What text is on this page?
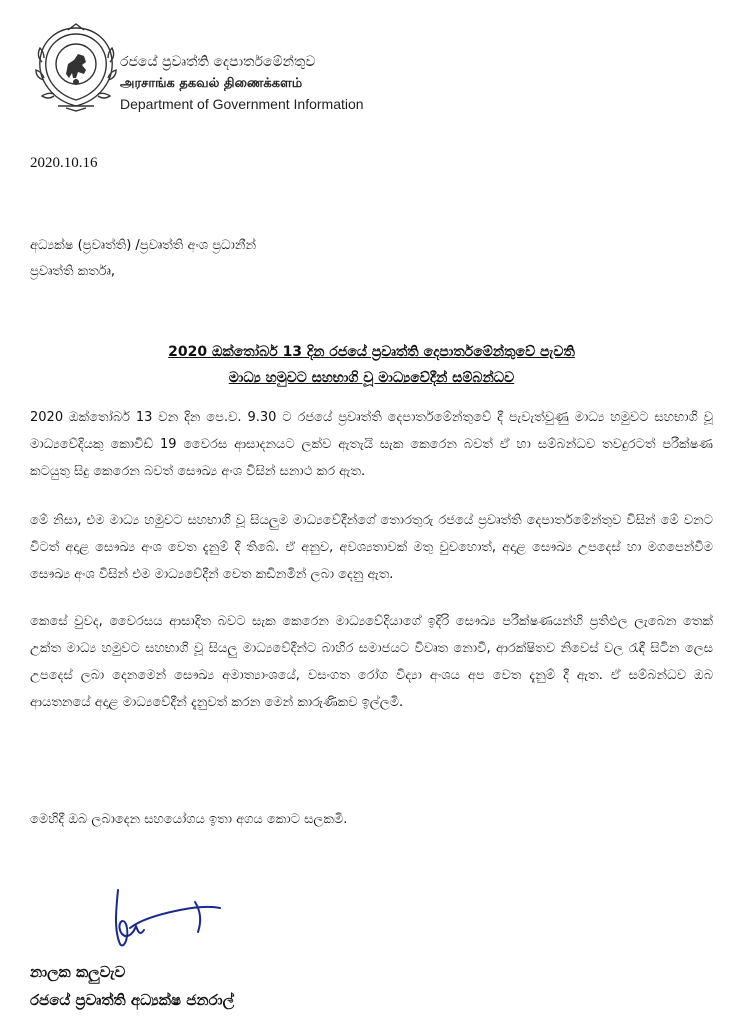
රජයේ ප්‍රවෘත්ති දෙපාර්තමේන්තුව
அரசாங்க தகவல் திணைக்களம்
Department of Government Information
2020.10.16
අධ්‍යක්ෂ (ප්‍රවෘත්ති) /ප්‍රවෘත්ති අංශ ප්‍රධානීන්
ප්‍රවෘත්ති කර්තෘ,
2020 ඔක්තෝබර් 13 දින රජයේ ප්‍රවෘත්ති දෙපාර්තමේන්තුවේ පැවති
මාධ්‍ය හමුවට සහභාගි වූ මාධ්‍යවේදීන් සම්බන්ධව

2020 ඔක්තෝබර් 13 වන දින පෙ.ව. 9.30 ට රජයේ ප්‍රවෘත්ති දෙපාර්තමේන්තුවේ දී පැවැත්වුණු මාධ්‍ය හමුවට සහභාගි වූ මාධ්‍යවේදියකු කොවිඩ් 19 වෛරස ආසාදනයට ලක්ව ඇතැයි සැක කෙරෙන බවත් ඒ හා සම්බන්ධව තවදුරටත් පරීක්ෂණ කටයුතු සිදු කෙරෙන බවත් සෞඛ්‍ය අංශ විසින් සනාථ කර ඇත.

මේ නිසා, එම මාධ්‍ය හමුවට සහභාගි වූ සියලුම මාධ්‍යවේදීන්ගේ තොරතුරු රජයේ ප්‍රවෘත්ති දෙපාර්තමේන්තුව විසින් මේ වනට විටත් අදාළ සෞඛ්‍ය අංශ වෙත දැනුම් දී තිබේ. ඒ අනුව, අවශ්‍යතාවක් මතු වුවහොත්, අදාළ සෞඛ්‍ය උපදෙස් හා මගපෙන්වීම සෞඛ්‍ය අංශ විසින් එම මාධ්‍යවේදීන් වෙත කඩිනමින් ලබා දෙනු ඇත.

කෙසේ වුවද, වෛරසය ආසාදිත බවට සැක කෙරෙන මාධ්‍යවේදියාගේ ඉදිරි සෞඛ්‍ය පරීක්ෂණයන්හි ප්‍රතිඵල ලැබෙන තෙක් උක්ත මාධ්‍ය හමුවට සහභාගි වූ සියලු මාධ්‍යවේදීන්ට බාහිර සමාජයට විවෘත නොවී, ආරක්ෂිතව නිවෙස් වල රැඳී සිටින ලෙස උපදෙස් ලබා දෙනමෙන් සෞඛ්‍ය අමාත්‍යාංශයේ, වසංගත රෝග විද්‍යා අංශය අප වෙත දැනුම් දී ඇත. ඒ සම්බන්ධව ඔබ ආයතනයේ අදාළ මාධ්‍යවේදීන් දැනුවත් කරන මෙන් කාරුණිකව ඉල්ලමි.

මෙහිදී ඔබ ලබාදෙන සහයෝගය ඉතා අගය කොට සලකමි.
නාලක කලුවැව
රජයේ ප්‍රවෘත්ති අධ්‍යක්ෂ ජනරාල්
